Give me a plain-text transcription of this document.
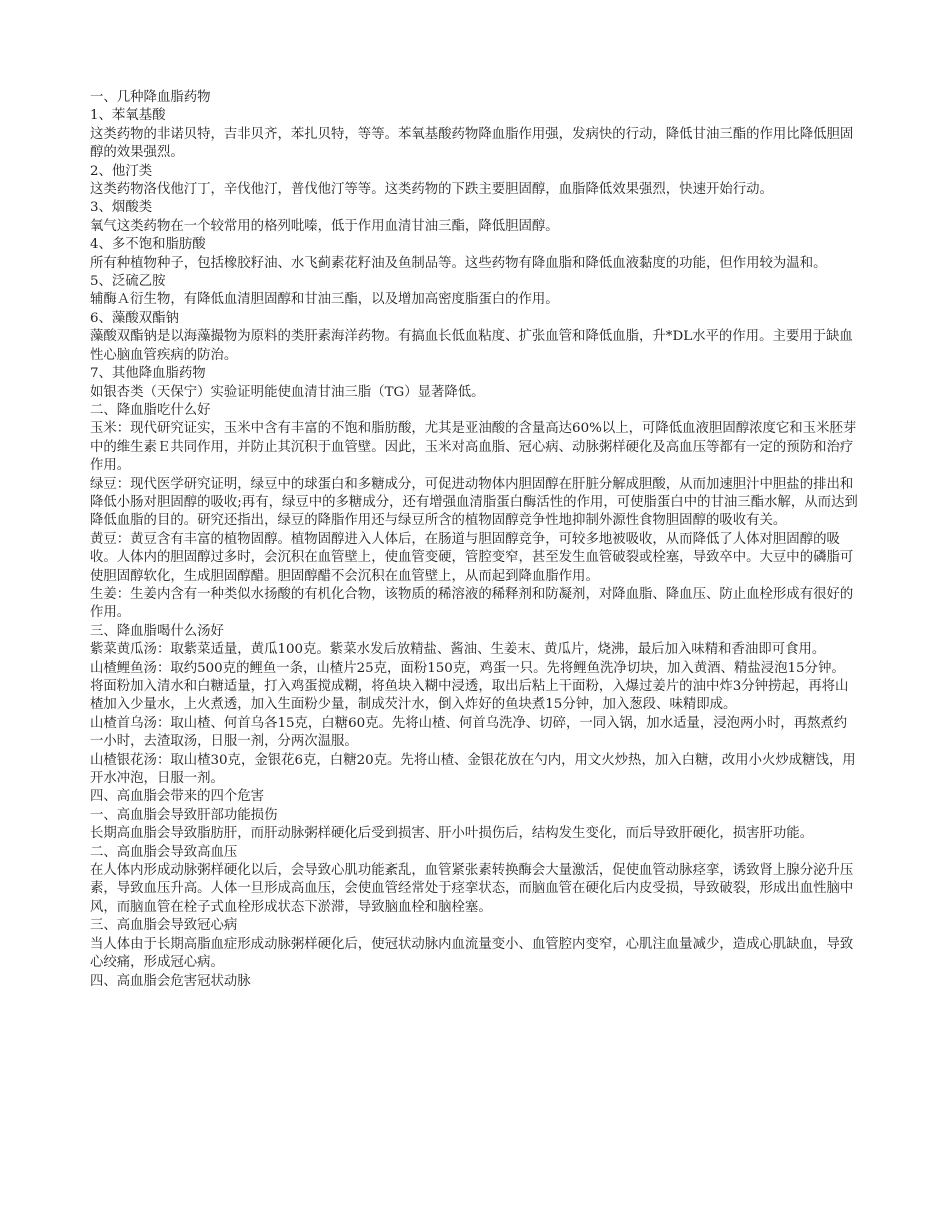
一、几种降血脂药物

1、苯氧基酸

这类药物的非诺贝特，吉非贝齐，苯扎贝特，等等。苯氧基酸药物降血脂作用强，发病快的行动，降低甘油三酯的作用比降低胆固醇的效果强烈。

2、他汀类

这类药物洛伐他汀丁，辛伐他汀，普伐他汀等等。这类药物的下跌主要胆固醇，血脂降低效果强烈，快速开始行动。

3、烟酸类

氧气这类药物在一个较常用的格列吡嗪，低于作用血清甘油三酯，降低胆固醇。

4、多不饱和脂肪酸

所有种植物种子，包括橡胶籽油、水飞蓟素花籽油及鱼制品等。这些药物有降血脂和降低血液黏度的功能，但作用较为温和。

5、泛硫乙胺

辅酶Ａ衍生物，有降低血清胆固醇和甘油三酯，以及增加高密度脂蛋白的作用。

6、藻酸双酯钠

藻酸双酯钠是以海藻撮物为原料的类肝素海洋药物。有搞血长低血粘度、扩张血管和降低血脂，升*DL水平的作用。主要用于缺血性心脑血管疾病的防治。

7、其他降血脂药物

如银杏类（天保宁）实验证明能使血清甘油三脂（TG）显著降低。

二、降血脂吃什么好

玉米：现代研究证实，玉米中含有丰富的不饱和脂肪酸，尤其是亚油酸的含量高达60%以上，可降低血液胆固醇浓度它和玉米胚芽中的维生素Ｅ共同作用，并防止其沉积于血管壁。因此，玉米对高血脂、冠心病、动脉粥样硬化及高血压等都有一定的预防和治疗作用。

绿豆：现代医学研究证明，绿豆中的球蛋白和多糖成分，可促进动物体内胆固醇在肝脏分解成胆酸，从而加速胆汁中胆盐的排出和降低小肠对胆固醇的吸收;再有，绿豆中的多糖成分，还有增强血清脂蛋白酶活性的作用，可使脂蛋白中的甘油三酯水解，从而达到降低血脂的目的。研究还指出，绿豆的降脂作用还与绿豆所含的植物固醇竞争性地抑制外源性食物胆固醇的吸收有关。

黄豆：黄豆含有丰富的植物固醇。植物固醇进入人体后，在肠道与胆固醇竞争，可较多地被吸收，从而降低了人体对胆固醇的吸收。人体内的胆固醇过多时，会沉积在血管壁上，使血管变硬，管腔变窄，甚至发生血管破裂或栓塞，导致卒中。大豆中的磷脂可使胆固醇软化，生成胆固醇醋。胆固醇醋不会沉积在血管壁上，从而起到降血脂作用。

生姜：生姜内含有一种类似水扬酸的有机化合物，该物质的稀溶液的稀释剂和防凝剂，对降血脂、降血压、防止血栓形成有很好的作用。

三、降血脂喝什么汤好

紫菜黄瓜汤：取紫菜适量，黄瓜100克。紫菜水发后放精盐、酱油、生姜末、黄瓜片，烧沸，最后加入味精和香油即可食用。

山楂鲤鱼汤：取约500克的鲤鱼一条，山楂片25克，面粉150克，鸡蛋一只。先将鲤鱼洗净切块，加入黄酒、精盐浸泡15分钟。将面粉加入清水和白糖适量，打入鸡蛋搅成糊，将鱼块入糊中浸透，取出后粘上干面粉，入爆过姜片的油中炸3分钟捞起，再将山楂加入少量水，上火煮透，加入生面粉少量，制成芡汁水，倒入炸好的鱼块煮15分钟，加入葱段、味精即成。

山楂首乌汤：取山楂、何首乌各15克，白糖60克。先将山楂、何首乌洗净、切碎，一同入锅，加水适量，浸泡两小时，再熬煮约一小时，去渣取汤，日服一剂，分两次温服。

山楂银花汤：取山楂30克，金银花6克，白糖20克。先将山楂、金银花放在勺内，用文火炒热，加入白糖，改用小火炒成糖饯，用开水冲泡，日服一剂。

四、高血脂会带来的四个危害

一、高血脂会导致肝部功能损伤

长期高血脂会导致脂肪肝，而肝动脉粥样硬化后受到损害、肝小叶损伤后，结构发生变化，而后导致肝硬化，损害肝功能。

二、高血脂会导致高血压

在人体内形成动脉粥样硬化以后，会导致心肌功能紊乱，血管紧张素转换酶会大量激活，促使血管动脉痉挛，诱致肾上腺分泌升压素，导致血压升高。人体一旦形成高血压，会使血管经常处于痉挛状态，而脑血管在硬化后内皮受损，导致破裂，形成出血性脑中风，而脑血管在栓子式血栓形成状态下淤滞，导致脑血栓和脑栓塞。

三、高血脂会导致冠心病

当人体由于长期高脂血症形成动脉粥样硬化后，使冠状动脉内血流量变小、血管腔内变窄，心肌注血量减少，造成心肌缺血，导致心绞痛，形成冠心病。

四、高血脂会危害冠状动脉
